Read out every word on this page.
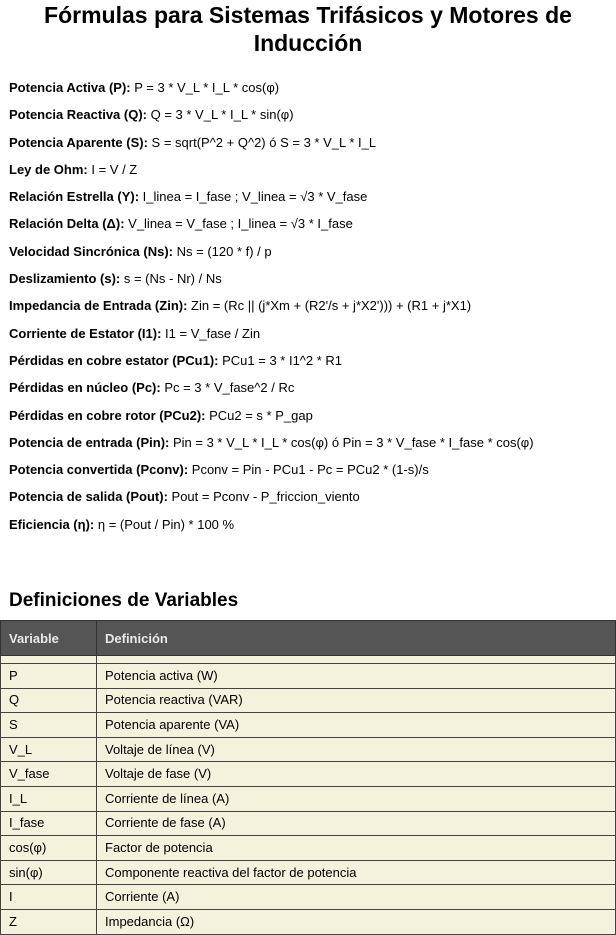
Fórmulas para Sistemas Trifásicos y Motores de Inducción
Potencia Activa (P): P = 3 * V_L * I_L * cos(φ)
Potencia Reactiva (Q): Q = 3 * V_L * I_L * sin(φ)
Potencia Aparente (S): S = sqrt(P^2 + Q^2) ó S = 3 * V_L * I_L
Ley de Ohm: I = V / Z
Relación Estrella (Y): I_linea = I_fase ; V_linea = √3 * V_fase
Relación Delta (Δ): V_linea = V_fase ; I_linea = √3 * I_fase
Velocidad Sincrónica (Ns): Ns = (120 * f) / p
Deslizamiento (s): s = (Ns - Nr) / Ns
Impedancia de Entrada (Zin): Zin = (Rc || (j*Xm + (R2'/s + j*X2'))) + (R1 + j*X1)
Corriente de Estator (I1): I1 = V_fase / Zin
Pérdidas en cobre estator (PCu1): PCu1 = 3 * I1^2 * R1
Pérdidas en núcleo (Pc): Pc = 3 * V_fase^2 / Rc
Pérdidas en cobre rotor (PCu2): PCu2 = s * P_gap
Potencia de entrada (Pin): Pin = 3 * V_L * I_L * cos(φ) ó Pin = 3 * V_fase * I_fase * cos(φ)
Potencia convertida (Pconv): Pconv = Pin - PCu1 - Pc = PCu2 * (1-s)/s
Potencia de salida (Pout): Pout = Pconv - P_friccion_viento
Eficiencia (η): η = (Pout / Pin) * 100 %
Definiciones de Variables
Variable	Definición

P	Potencia activa (W)
Q	Potencia reactiva (VAR)
S	Potencia aparente (VA)
V_L	Voltaje de línea (V)
V_fase	Voltaje de fase (V)
I_L	Corriente de línea (A)
I_fase	Corriente de fase (A)
cos(φ)	Factor de potencia
sin(φ)	Componente reactiva del factor de potencia
I	Corriente (A)
Z	Impedancia (Ω)
